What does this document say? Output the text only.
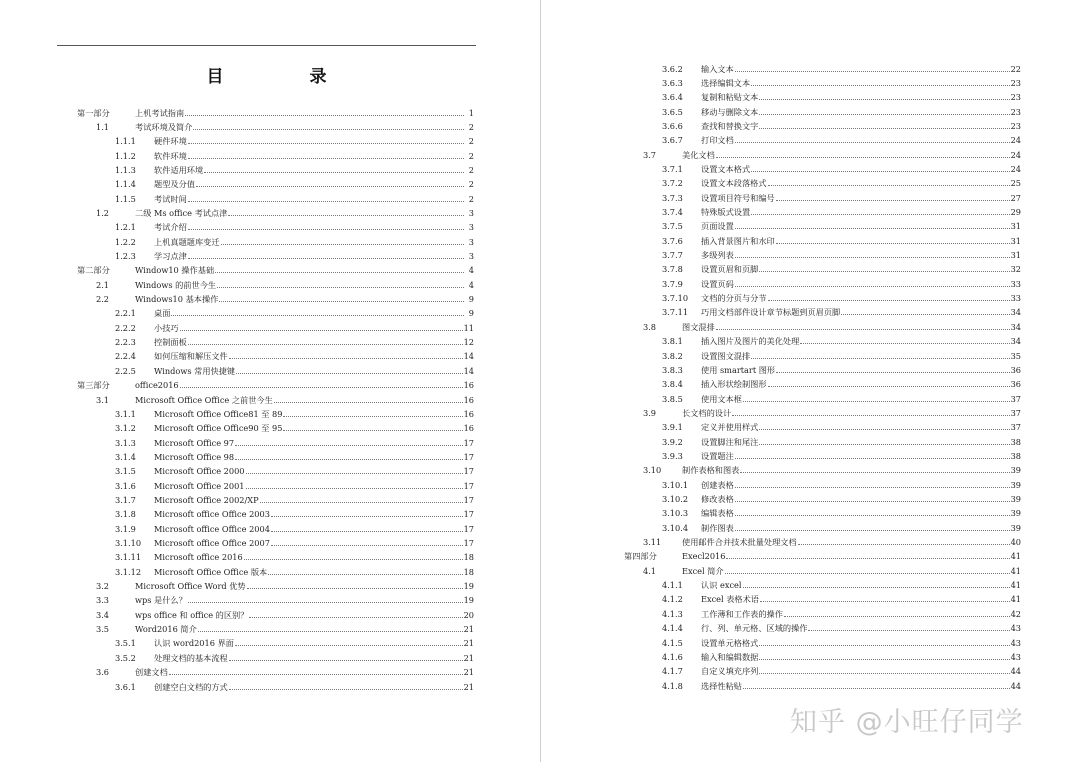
目 录
第一部分	上机考试指南	1
1.1	考试环境及简介	2
1.1.1	硬件环境	2
1.1.2	软件环境	2
1.1.3	软件适用环境	2
1.1.4	题型及分值	2
1.1.5	考试时间	2
1.2	二级 Ms office 考试点津	3
1.2.1	考试介绍	3
1.2.2	上机真题题库变迁	3
1.2.3	学习点津	3
第二部分	Window10 操作基础	4
2.1	Windows 的前世今生	4
2.2	Windows10 基本操作	9
2.2.1	桌面	9
2.2.2	小技巧	11
2.2.3	控制面板	12
2.2.4	如何压缩和解压文件	14
2.2.5	Windows 常用快捷键	14
第三部分	office2016	16
3.1	Microsoft Office Office 之前世今生	16
3.1.1	Microsoft Office Office81 至 89	16
3.1.2	Microsoft Office Office90 至 95	16
3.1.3	Microsoft Office 97	17
3.1.4	Microsoft Office 98	17
3.1.5	Microsoft Office 2000	17
3.1.6	Microsoft Office 2001	17
3.1.7	Microsoft Office 2002/XP	17
3.1.8	Microsoft office Office 2003	17
3.1.9	Microsoft office Office 2004	17
3.1.10	Microsoft office Office 2007	17
3.1.11	Microsoft office 2016	18
3.1.12	Microsoft Office Office 版本	18
3.2	Microsoft Office Word 优势	19
3.3	wps 是什么？	19
3.4	wps office 和 office 的区别？	20
3.5	Word2016 简介	21
3.5.1	认识 word2016 界面	21
3.5.2	处理文档的基本流程	21
3.6	创建文档	21
3.6.1	创建空白文档的方式	21
3.6.2	输入文本	22
3.6.3	选择编辑文本	23
3.6.4	复制和粘贴文本	23
3.6.5	移动与删除文本	23
3.6.6	查找和替换文字	23
3.6.7	打印文档	24
3.7	美化文档	24
3.7.1	设置文本格式	24
3.7.2	设置文本段落格式	25
3.7.3	设置项目符号和编号	27
3.7.4	特殊版式设置	29
3.7.5	页面设置	31
3.7.6	插入背景图片和水印	31
3.7.7	多级列表	31
3.7.8	设置页眉和页脚	32
3.7.9	设置页码	33
3.7.10	文档的分页与分节	33
3.7.11	巧用文档部件设计章节标题到页眉页脚	34
3.8	图文混排	34
3.8.1	插入图片及图片的美化处理	34
3.8.2	设置图文混排	35
3.8.3	使用 smartart 图形	36
3.8.4	插入形状绘制图形	36
3.8.5	使用文本框	37
3.9	长文档的设计	37
3.9.1	定义并使用样式	37
3.9.2	设置脚注和尾注	38
3.9.3	设置题注	38
3.10	制作表格和图表	39
3.10.1	创建表格	39
3.10.2	修改表格	39
3.10.3	编辑表格	39
3.10.4	制作图表	39
3.11	使用邮件合并技术批量处理文档	40
第四部分	Execl2016	41
4.1	Excel 简介	41
4.1.1	认识 excel	41
4.1.2	Excel 表格术语	41
4.1.3	工作薄和工作表的操作	42
4.1.4	行、列、单元格、区域的操作	43
4.1.5	设置单元格格式	43
4.1.6	输入和编辑数据	43
4.1.7	自定义填充序列	44
4.1.8	选择性粘贴	44
知乎 @小旺仔同学
